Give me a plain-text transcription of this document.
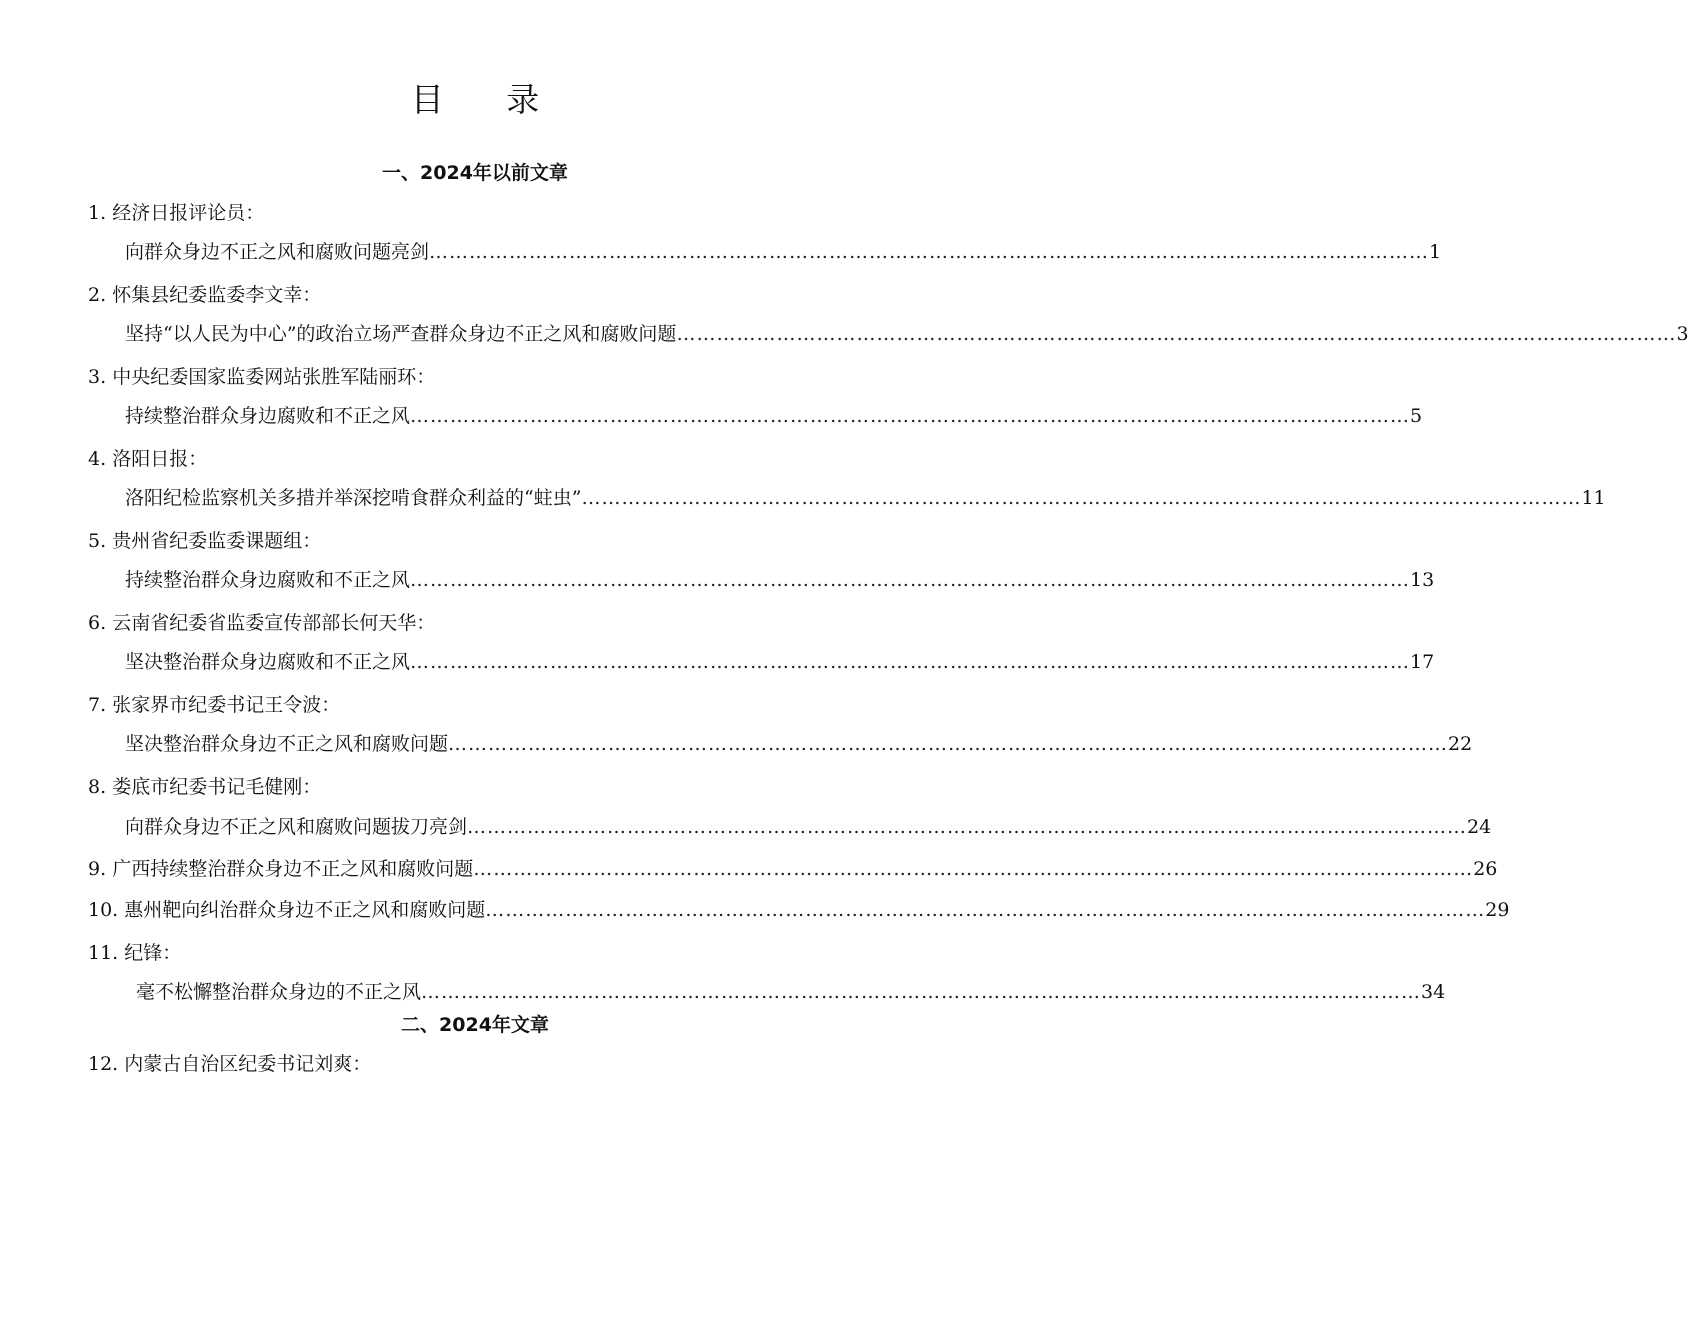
目 录
一、2024年以前文章
1. 经济日报评论员：
向群众身边不正之风和腐败问题亮剑 …………………………………………………………………………………………………………………………………… 1
2. 怀集县纪委监委李文幸：
坚持“以人民为中心”的政治立场严查群众身边不正之风和腐败问题 …………………………………………………………………………………………………………………………………… 3
3. 中央纪委国家监委网站张胜军陆丽环：
持续整治群众身边腐败和不正之风 …………………………………………………………………………………………………………………………………… 5
4. 洛阳日报：
洛阳纪检监察机关多措并举深挖啃食群众利益的“蛀虫” …………………………………………………………………………………………………………………………………… 11
5. 贵州省纪委监委课题组：
持续整治群众身边腐败和不正之风 …………………………………………………………………………………………………………………………………… 13
6. 云南省纪委省监委宣传部部长何天华：
坚决整治群众身边腐败和不正之风 …………………………………………………………………………………………………………………………………… 17
7. 张家界市纪委书记王令波：
坚决整治群众身边不正之风和腐败问题 …………………………………………………………………………………………………………………………………… 22
8. 娄底市纪委书记毛健刚：
向群众身边不正之风和腐败问题拔刀亮剑 …………………………………………………………………………………………………………………………………… 24
9. 广西持续整治群众身边不正之风和腐败问题 …………………………………………………………………………………………………………………………………… 26
10. 惠州靶向纠治群众身边不正之风和腐败问题 …………………………………………………………………………………………………………………………………… 29
11. 纪锋：
毫不松懈整治群众身边的不正之风 …………………………………………………………………………………………………………………………………… 34
二、2024年文章
12. 内蒙古自治区纪委书记刘爽：
